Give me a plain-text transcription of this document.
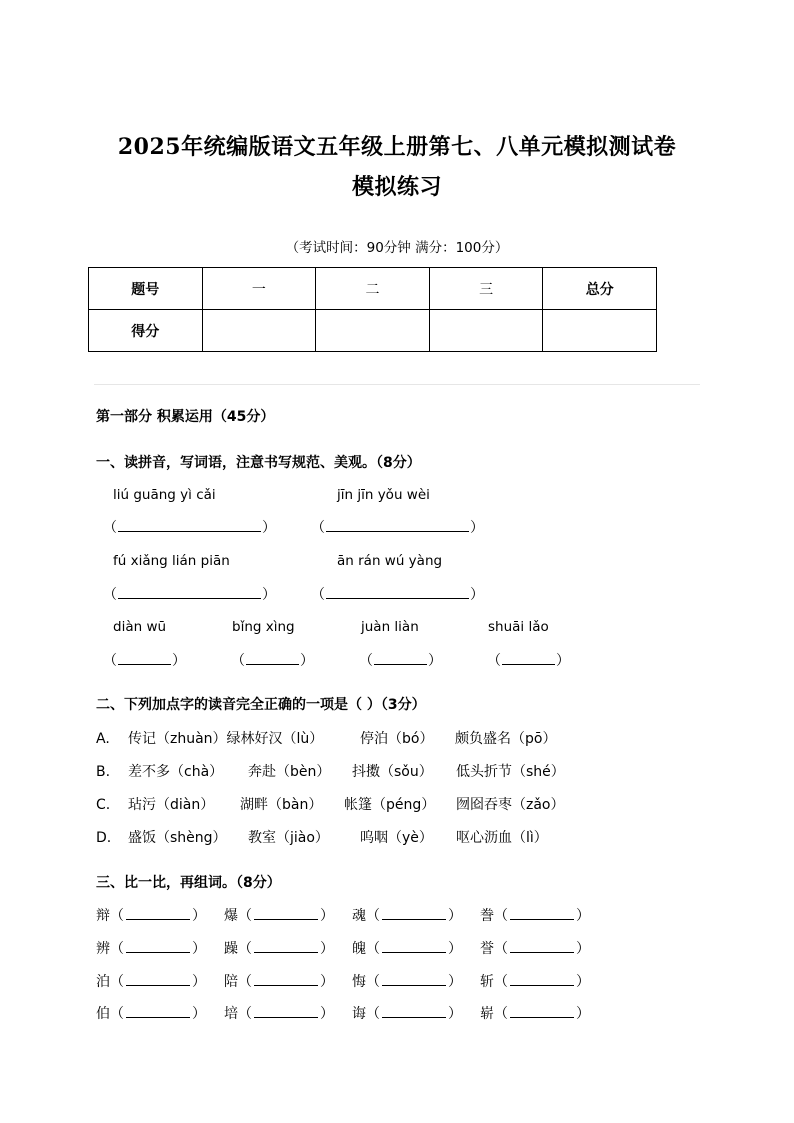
2025年统编版语文五年级上册第七、八单元模拟测试卷
模拟练习
（考试时间：90分钟 满分：100分）
题号	一	二	三	总分
得分				
第一部分 积累运用（45分）
一、读拼音，写词语，注意书写规范、美观。（8分）
liú guāng yì cǎi	jīn jīn yǒu wèi
（	）	（	）
fú xiǎng lián piān	ān rán wú yàng
（	）	（	）
diàn wū	bǐng xìng	juàn liàn	shuāi lǎo
（	）	（	）	（	）	（	）
二、下列加点字的读音完全正确的一项是（ ）（3分）
A. 传记（zhuàn）绿林好汉（lù）	停泊（bó） 颇负盛名（pō）
B. 差不多（chà） 奔赴（bèn） 抖擞（sǒu） 低头折节（shé）
C. 玷污（diàn） 湖畔（bàn） 帐篷（péng） 囫囵吞枣（zǎo）
D. 盛饭（shèng） 教室（jiào） 呜咽（yè） 呕心沥血（lì）
三、比一比，再组词。（8分）
辩（	） 爆（	） 魂（	） 誊（	）
辨（	） 躁（	） 魄（	） 誉（	）
泊（	） 陪（	） 悔（	） 斩（	）
伯（	） 培（	） 诲（	） 崭（	）
